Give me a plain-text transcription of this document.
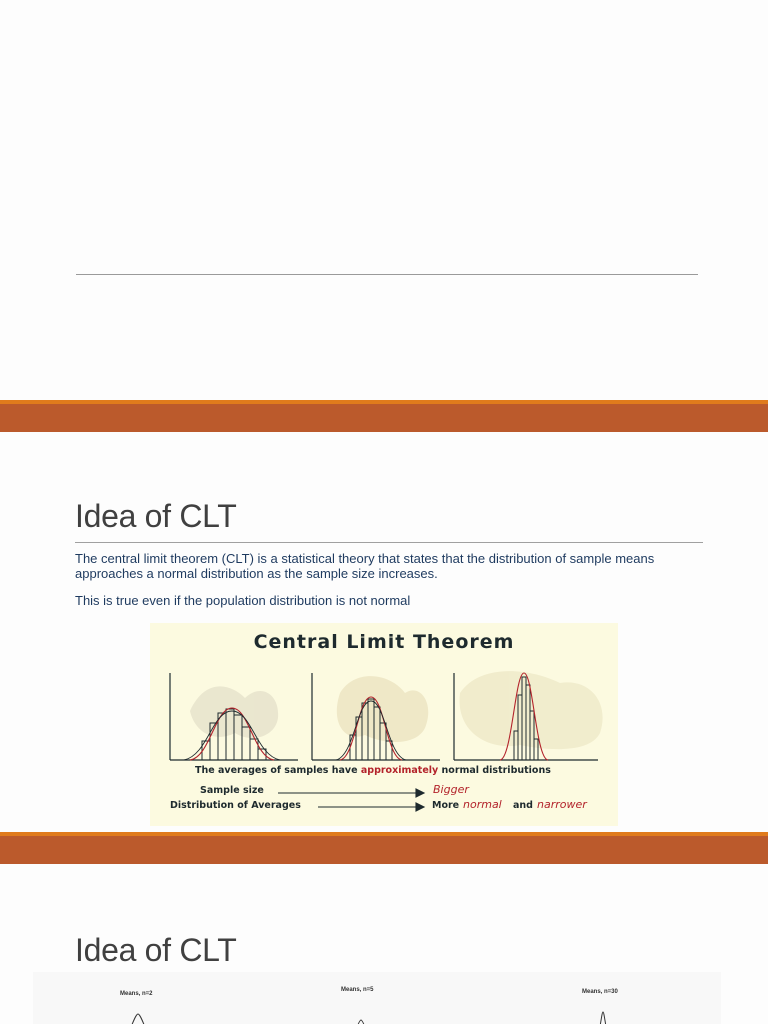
Idea of CLT

The central limit theorem (CLT) is a statistical theory that states that the distribution of sample means approaches a normal distribution as the sample size increases.

This is true even if the population distribution is not normal

Central Limit Theorem
The averages of samples have approximately normal distributions
Sample size	Bigger
Distribution of Averages	More normal and narrower
Idea of CLT
Means, n=2
Means, n=5	Means, n=30
